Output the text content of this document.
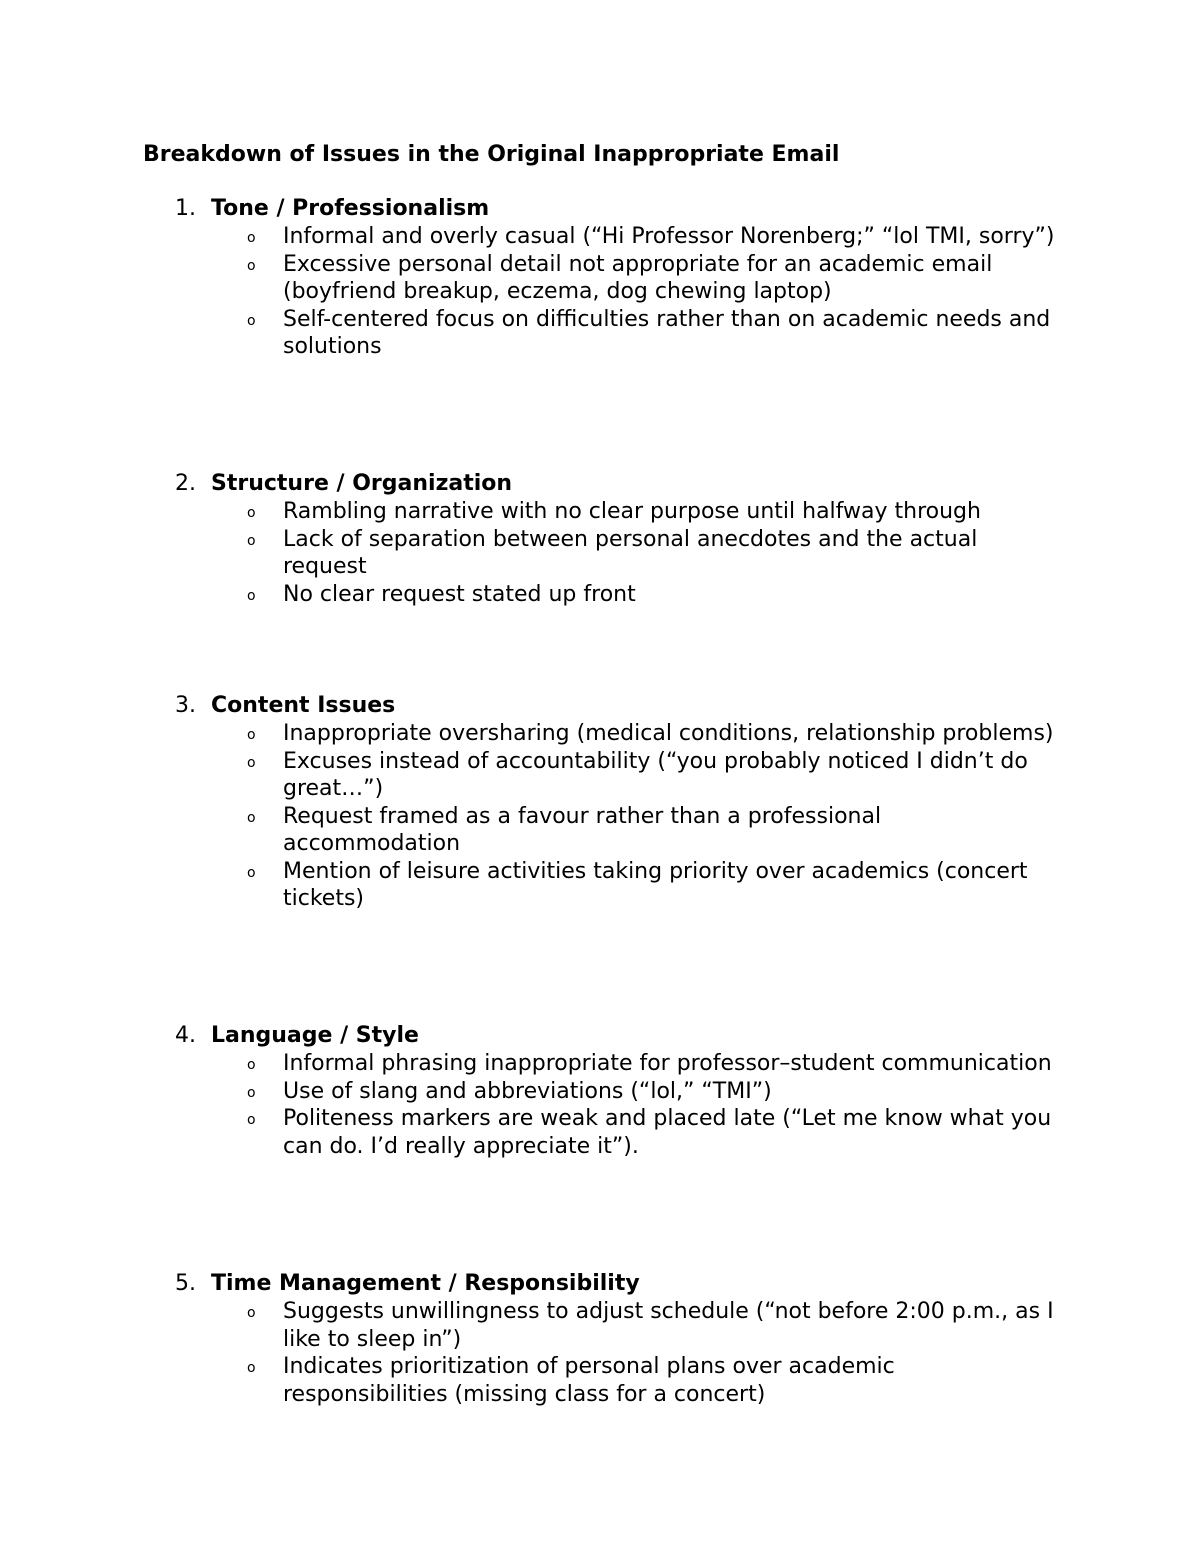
Breakdown of Issues in the Original Inappropriate Email
1. Tone / Professionalism
o Informal and overly casual (“Hi Professor Norenberg;” “lol TMI, sorry”)
o Excessive personal detail not appropriate for an academic email (boyfriend breakup, eczema, dog chewing laptop)
o Self-centered focus on difficulties rather than on academic needs and solutions
2. Structure / Organization
o Rambling narrative with no clear purpose until halfway through
o Lack of separation between personal anecdotes and the actual request
o No clear request stated up front
3. Content Issues
o Inappropriate oversharing (medical conditions, relationship problems)
o Excuses instead of accountability (“you probably noticed I didn’t do great…”)
o Request framed as a favour rather than a professional accommodation
o Mention of leisure activities taking priority over academics (concert tickets)
4. Language / Style
o Informal phrasing inappropriate for professor–student communication
o Use of slang and abbreviations (“lol,” “TMI”)
o Politeness markers are weak and placed late (“Let me know what you can do. I’d really appreciate it”).
5. Time Management / Responsibility
o Suggests unwillingness to adjust schedule (“not before 2:00 p.m., as I like to sleep in”)
o Indicates prioritization of personal plans over academic responsibilities (missing class for a concert)
